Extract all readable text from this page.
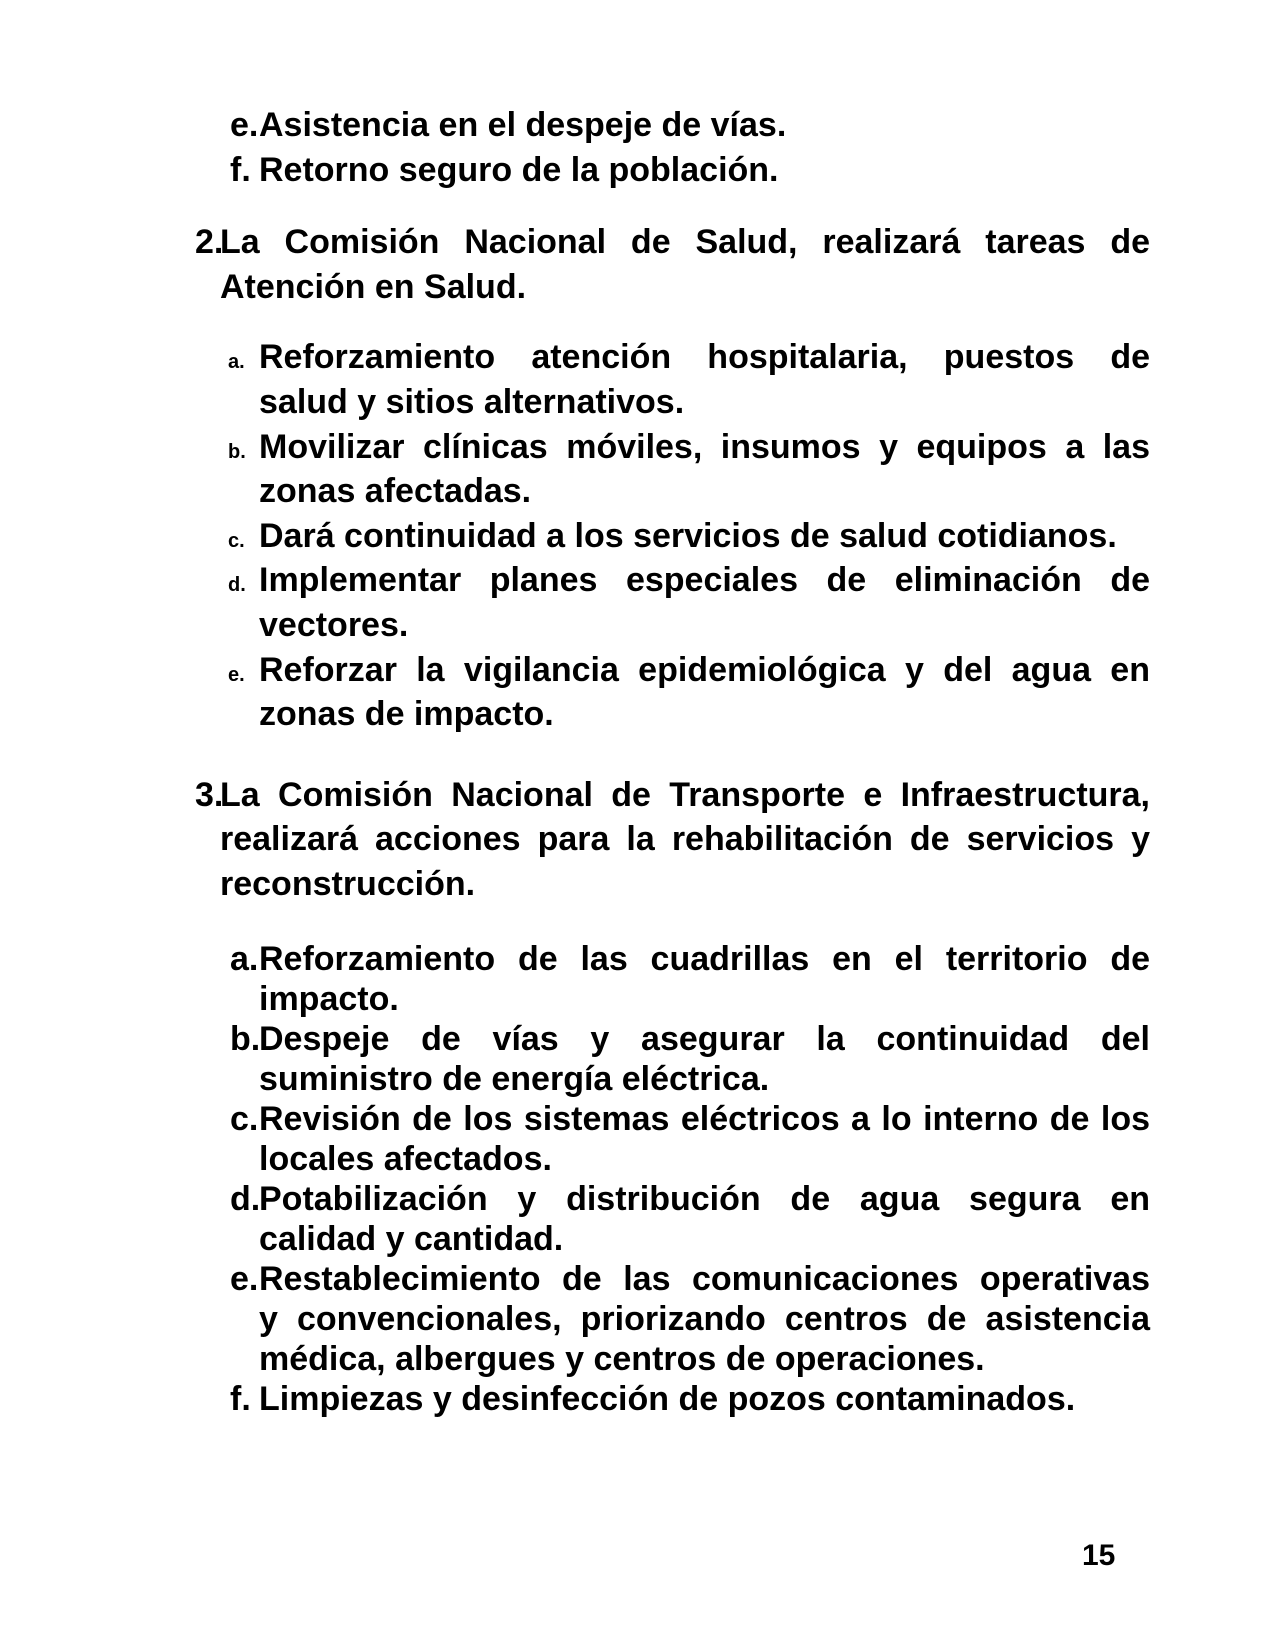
e. Asistencia en el despeje de vías.
f. Retorno seguro de la población.
2.
La Comisión Nacional de Salud, realizará tareas de
Atención en Salud.
a. Reforzamiento atención hospitalaria, puestos de
salud y sitios alternativos.
b. Movilizar clínicas móviles, insumos y equipos a las
zonas afectadas.
c. Dará continuidad a los servicios de salud cotidianos.
d. Implementar planes especiales de eliminación de
vectores.
e. Reforzar la vigilancia epidemiológica y del agua en
zonas de impacto.
3.
La Comisión Nacional de Transporte e Infraestructura,
realizará acciones para la rehabilitación de servicios y
reconstrucción.
a. Reforzamiento de las cuadrillas en el territorio de
impacto.
b.
Despeje de vías y asegurar la continuidad del
suministro de energía eléctrica.
c. Revisión de los sistemas eléctricos a lo interno de los
locales afectados.
d.
Potabilización y distribución de agua segura en
calidad y cantidad.
e. Restablecimiento de las comunicaciones operativas
y convencionales, priorizando centros de asistencia
médica, albergues y centros de operaciones.
f. Limpiezas y desinfección de pozos contaminados.
15
